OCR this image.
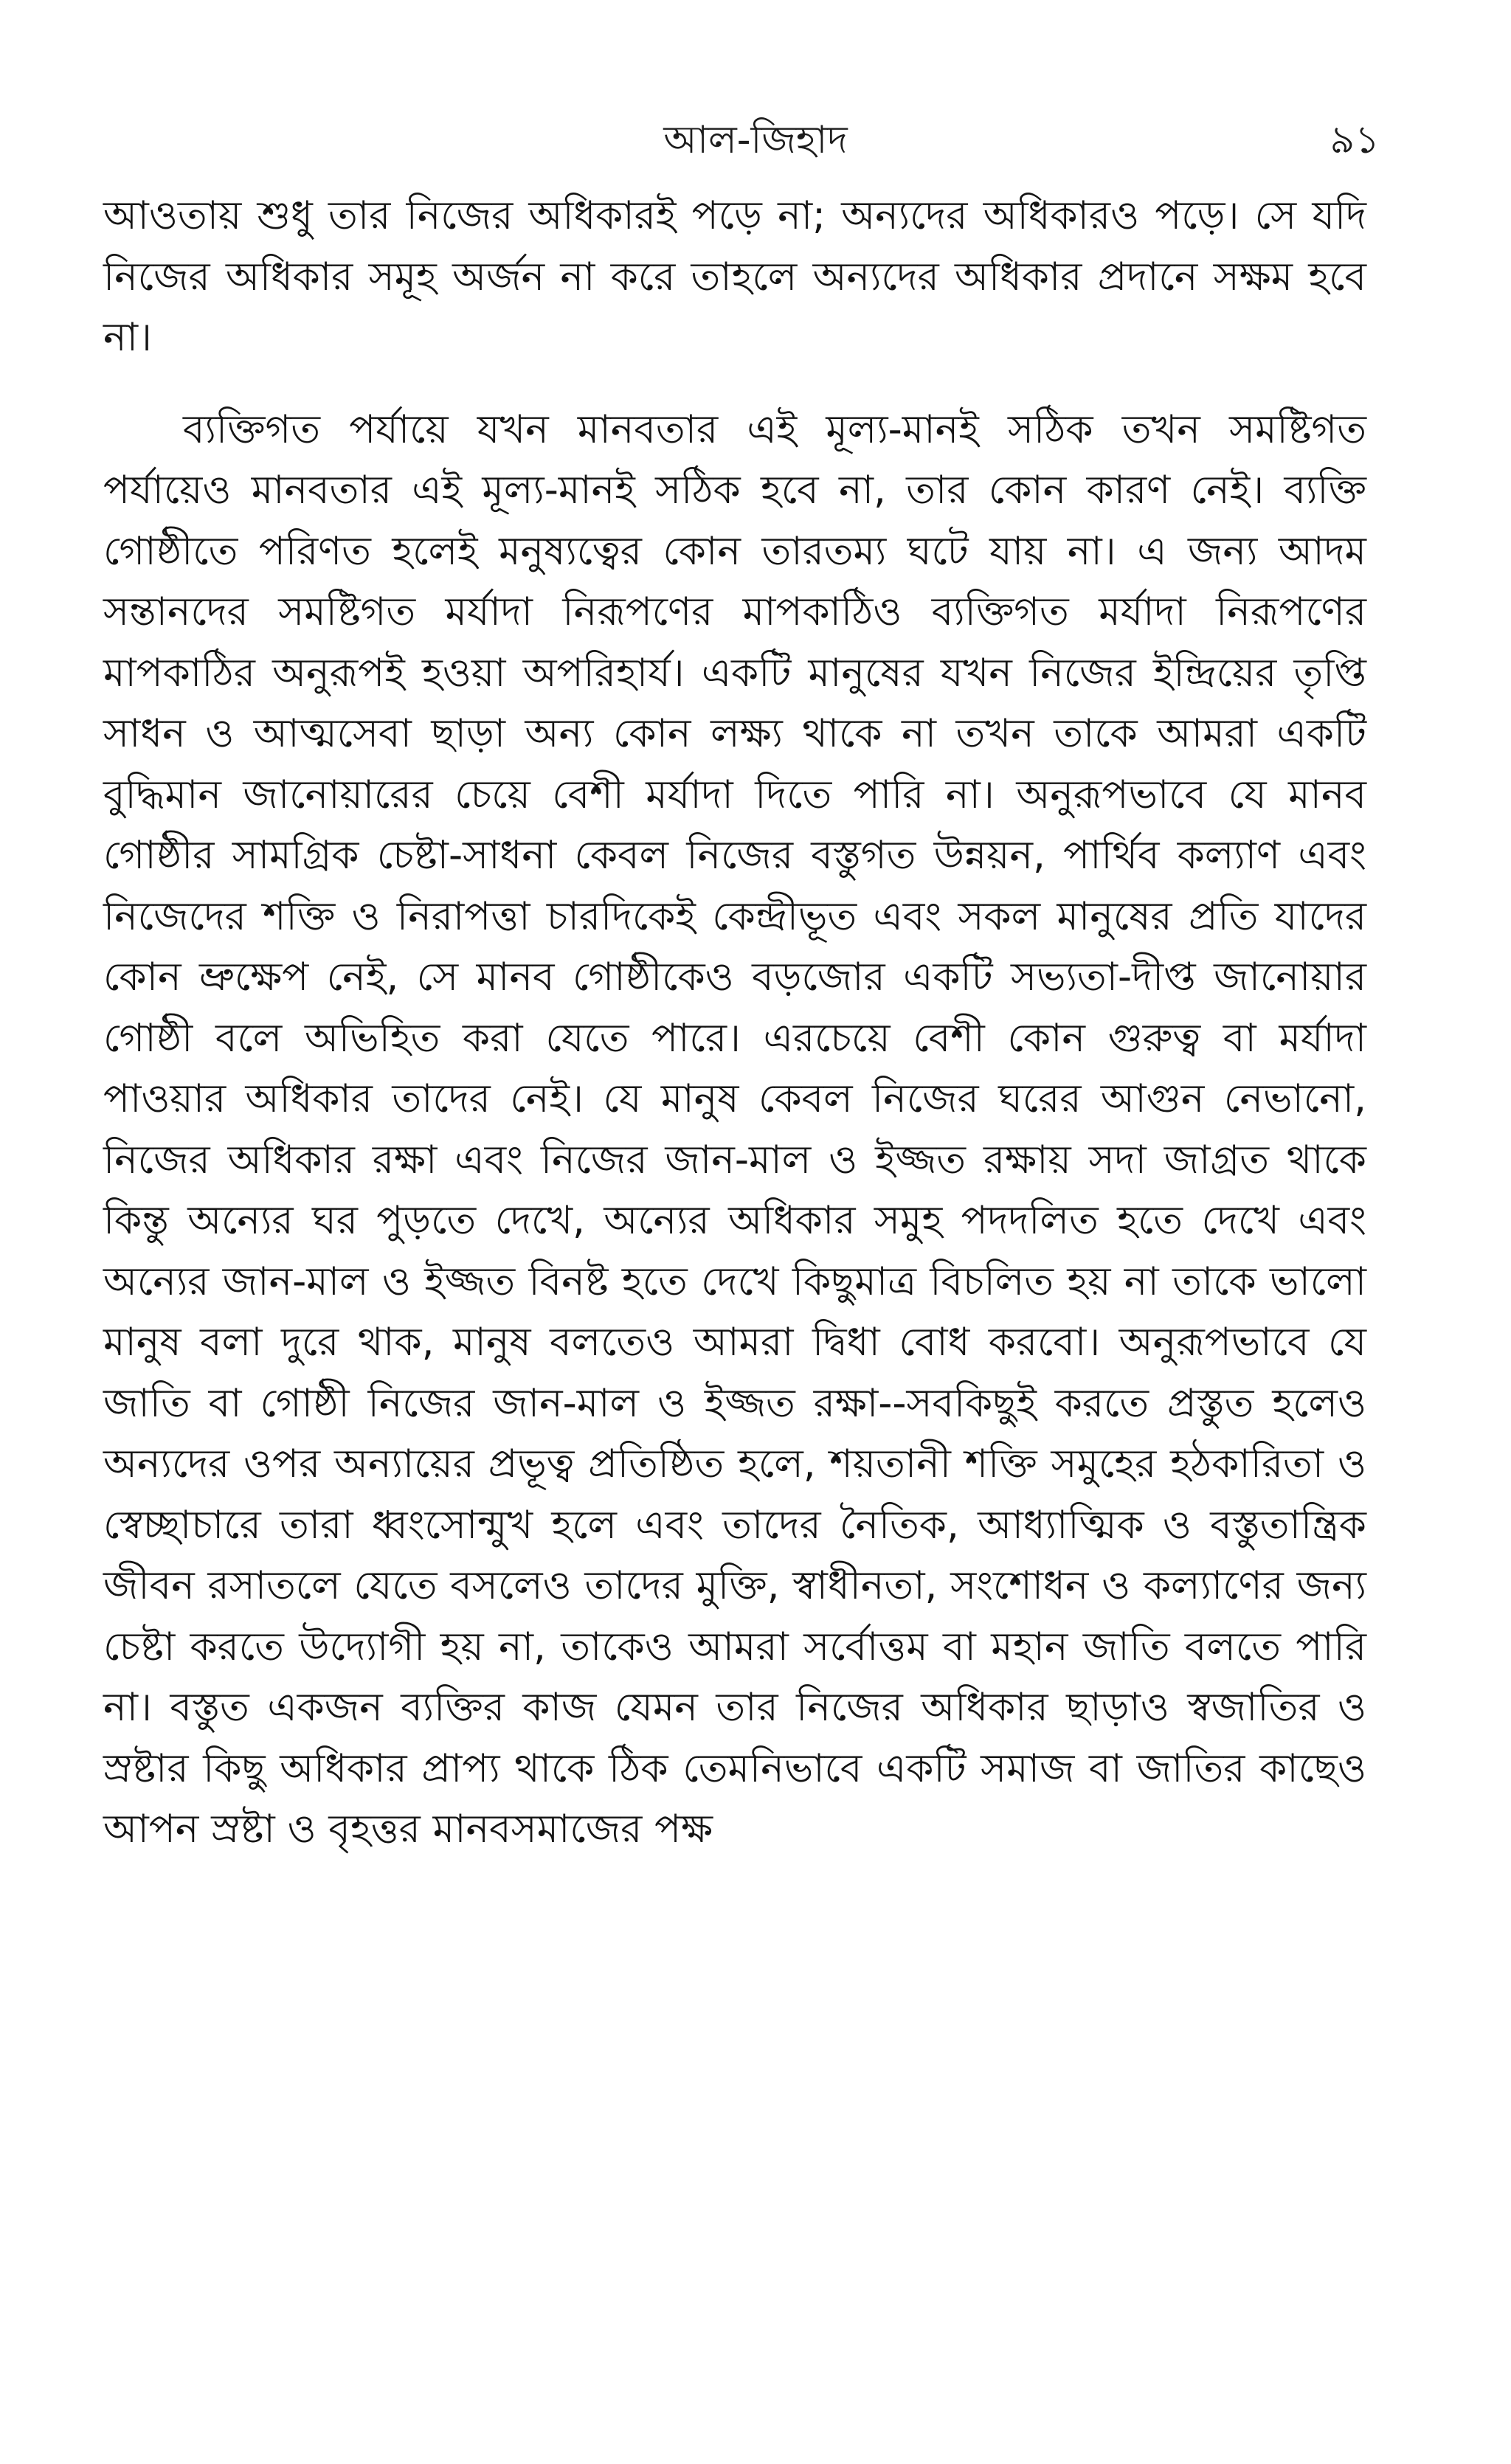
আল-জিহাদ	৯১

আওতায় শুধু তার নিজের অধিকারই পড়ে না; অন্যদের অধিকারও পড়ে। সে যদি নিজের অধিকার সমূহ অর্জন না করে তাহলে অন্যদের অধিকার প্রদানে সক্ষম হবে না।

ব্যক্তিগত পর্যায়ে যখন মানবতার এই মূল্য-মানই সঠিক তখন সমষ্টিগত পর্যায়েও মানবতার এই মূল্য-মানই সঠিক হবে না, তার কোন কারণ নেই। ব্যক্তি গোষ্ঠীতে পরিণত হলেই মনুষ্যত্বের কোন তারতম্য ঘটে যায় না। এ জন্য আদম সন্তানদের সমষ্টিগত মর্যাদা নিরূপণের মাপকাঠিও ব্যক্তিগত মর্যাদা নিরূপণের মাপকাঠির অনুরূপই হওয়া অপরিহার্য। একটি মানুষের যখন নিজের ইন্দ্রিয়ের তৃপ্তি সাধন ও আত্মসেবা ছাড়া অন্য কোন লক্ষ্য থাকে না তখন তাকে আমরা একটি বুদ্ধিমান জানোয়ারের চেয়ে বেশী মর্যাদা দিতে পারি না। অনুরূপভাবে যে মানব গোষ্ঠীর সামগ্রিক চেষ্টা-সাধনা কেবল নিজের বস্তুগত উন্নয়ন, পার্থিব কল্যাণ এবং নিজেদের শক্তি ও নিরাপত্তা চারদিকেই কেন্দ্রীভূত এবং সকল মানুষের প্রতি যাদের কোন ভ্রুক্ষেপ নেই, সে মানব গোষ্ঠীকেও বড়জোর একটি সভ্যতা-দীপ্ত জানোয়ার গোষ্ঠী বলে অভিহিত করা যেতে পারে। এরচেয়ে বেশী কোন গুরুত্ব বা মর্যাদা পাওয়ার অধিকার তাদের নেই। যে মানুষ কেবল নিজের ঘরের আগুন নেভানো, নিজের অধিকার রক্ষা এবং নিজের জান-মাল ও ইজ্জত রক্ষায় সদা জাগ্রত থাকে কিন্তু অন্যের ঘর পুড়তে দেখে, অন্যের অধিকার সমুহ পদদলিত হতে দেখে এবং অন্যের জান-মাল ও ইজ্জত বিনষ্ট হতে দেখে কিছুমাত্র বিচলিত হয় না তাকে ভালো মানুষ বলা দুরে থাক, মানুষ বলতেও আমরা দ্বিধা বোধ করবো। অনুরূপভাবে যে জাতি বা গোষ্ঠী নিজের জান-মাল ও ইজ্জত রক্ষা--সবকিছুই করতে প্রস্তুত হলেও অন্যদের ওপর অন্যায়ের প্রভূত্ব প্রতিষ্ঠিত হলে, শয়তানী শক্তি সমুহের হঠকারিতা ও স্বেচ্ছাচারে তারা ধ্বংসোন্মুখ হলে এবং তাদের নৈতিক, আধ্যাত্মিক ও বস্তুতান্ত্রিক জীবন রসাতলে যেতে বসলেও তাদের মুক্তি, স্বাধীনতা, সংশোধন ও কল্যাণের জন্য চেষ্টা করতে উদ্যোগী হয় না, তাকেও আমরা সর্বোত্তম বা মহান জাতি বলতে পারি না। বস্তুত একজন ব্যক্তির কাজ যেমন তার নিজের অধিকার ছাড়াও স্বজাতির ও স্রষ্টার কিছু অধিকার প্রাপ্য থাকে ঠিক তেমনিভাবে একটি সমাজ বা জাতির কাছেও আপন স্রষ্টা ও বৃহত্তর মানবসমাজের পক্ষ
